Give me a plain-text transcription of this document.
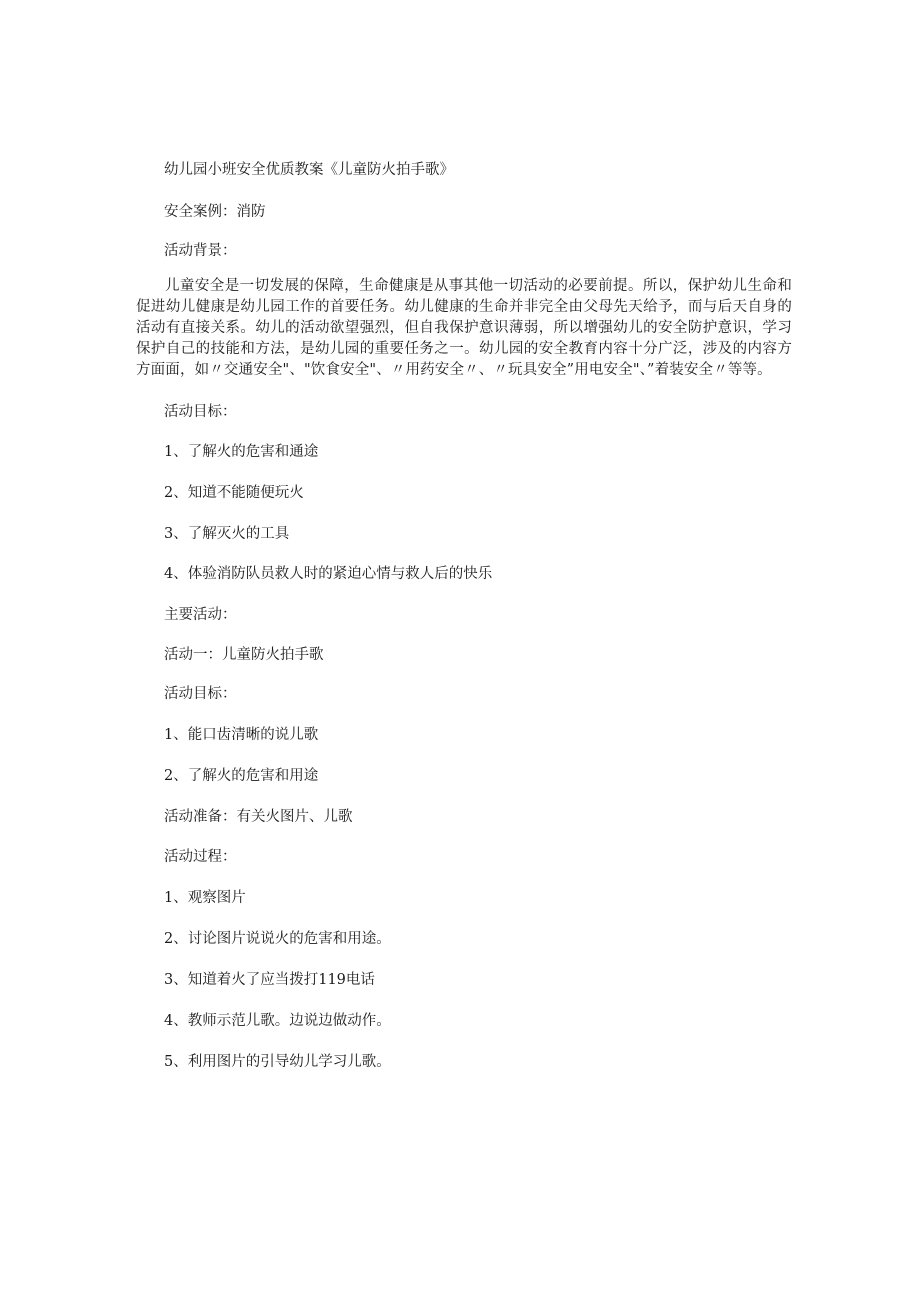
幼儿园小班安全优质教案《儿童防火拍手歌》
安全案例：消防
活动背景：
儿童安全是一切发展的保障，生命健康是从事其他一切活动的必要前提。所以，保护幼儿生命和促进幼儿健康是幼儿园工作的首要任务。幼儿健康的生命并非完全由父母先天给予，而与后天自身的活动有直接关系。幼儿的活动欲望强烈，但自我保护意识薄弱，所以增强幼儿的安全防护意识，学习保护自己的技能和方法，是幼儿园的重要任务之一。幼儿园的安全教育内容十分广泛，涉及的内容方方面面，如〃交通安全"、"饮食安全"、〃用药安全〃、〃玩具安全”用电安全"、”着装安全〃等等。
活动目标：
1、了解火的危害和通途
2、知道不能随便玩火
3、了解灭火的工具
4、体验消防队员救人时的紧迫心情与救人后的快乐
主要活动：
活动一：儿童防火拍手歌
活动目标：
1、能口齿清晰的说儿歌
2、了解火的危害和用途
活动准备：有关火图片、儿歌
活动过程：
1、观察图片
2、讨论图片说说火的危害和用途。
3、知道着火了应当拨打119电话
4、教师示范儿歌。边说边做动作。
5、利用图片的引导幼儿学习儿歌。
